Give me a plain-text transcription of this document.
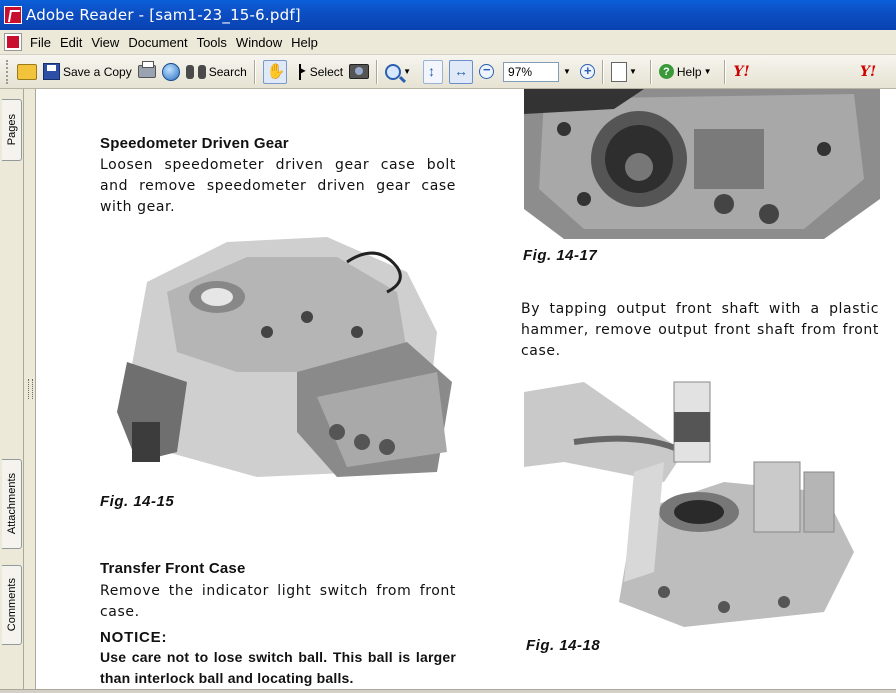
Adobe Reader - [sam1-23_15-6.pdf]
File Edit View Document Tools Window Help
Save a Copy	Search ✋ ▸	Select	▼ ↕ ↔ −	97%	▼ +	▼	? Help ▼ Y!	Y!
Pages
Attachments
Comments
Speedometer Driven Gear
Loosen speedometer driven gear case bolt and remove speedometer driven gear case with gear.
Fig. 14-15
Transfer Front Case
Remove the indicator light switch from front case.
NOTICE:
Use care not to lose switch ball. This ball is larger than interlock ball and locating balls.
Fig. 14-17
By tapping output front shaft with a plastic hammer, remove output front shaft from front case.
Fig. 14-18
